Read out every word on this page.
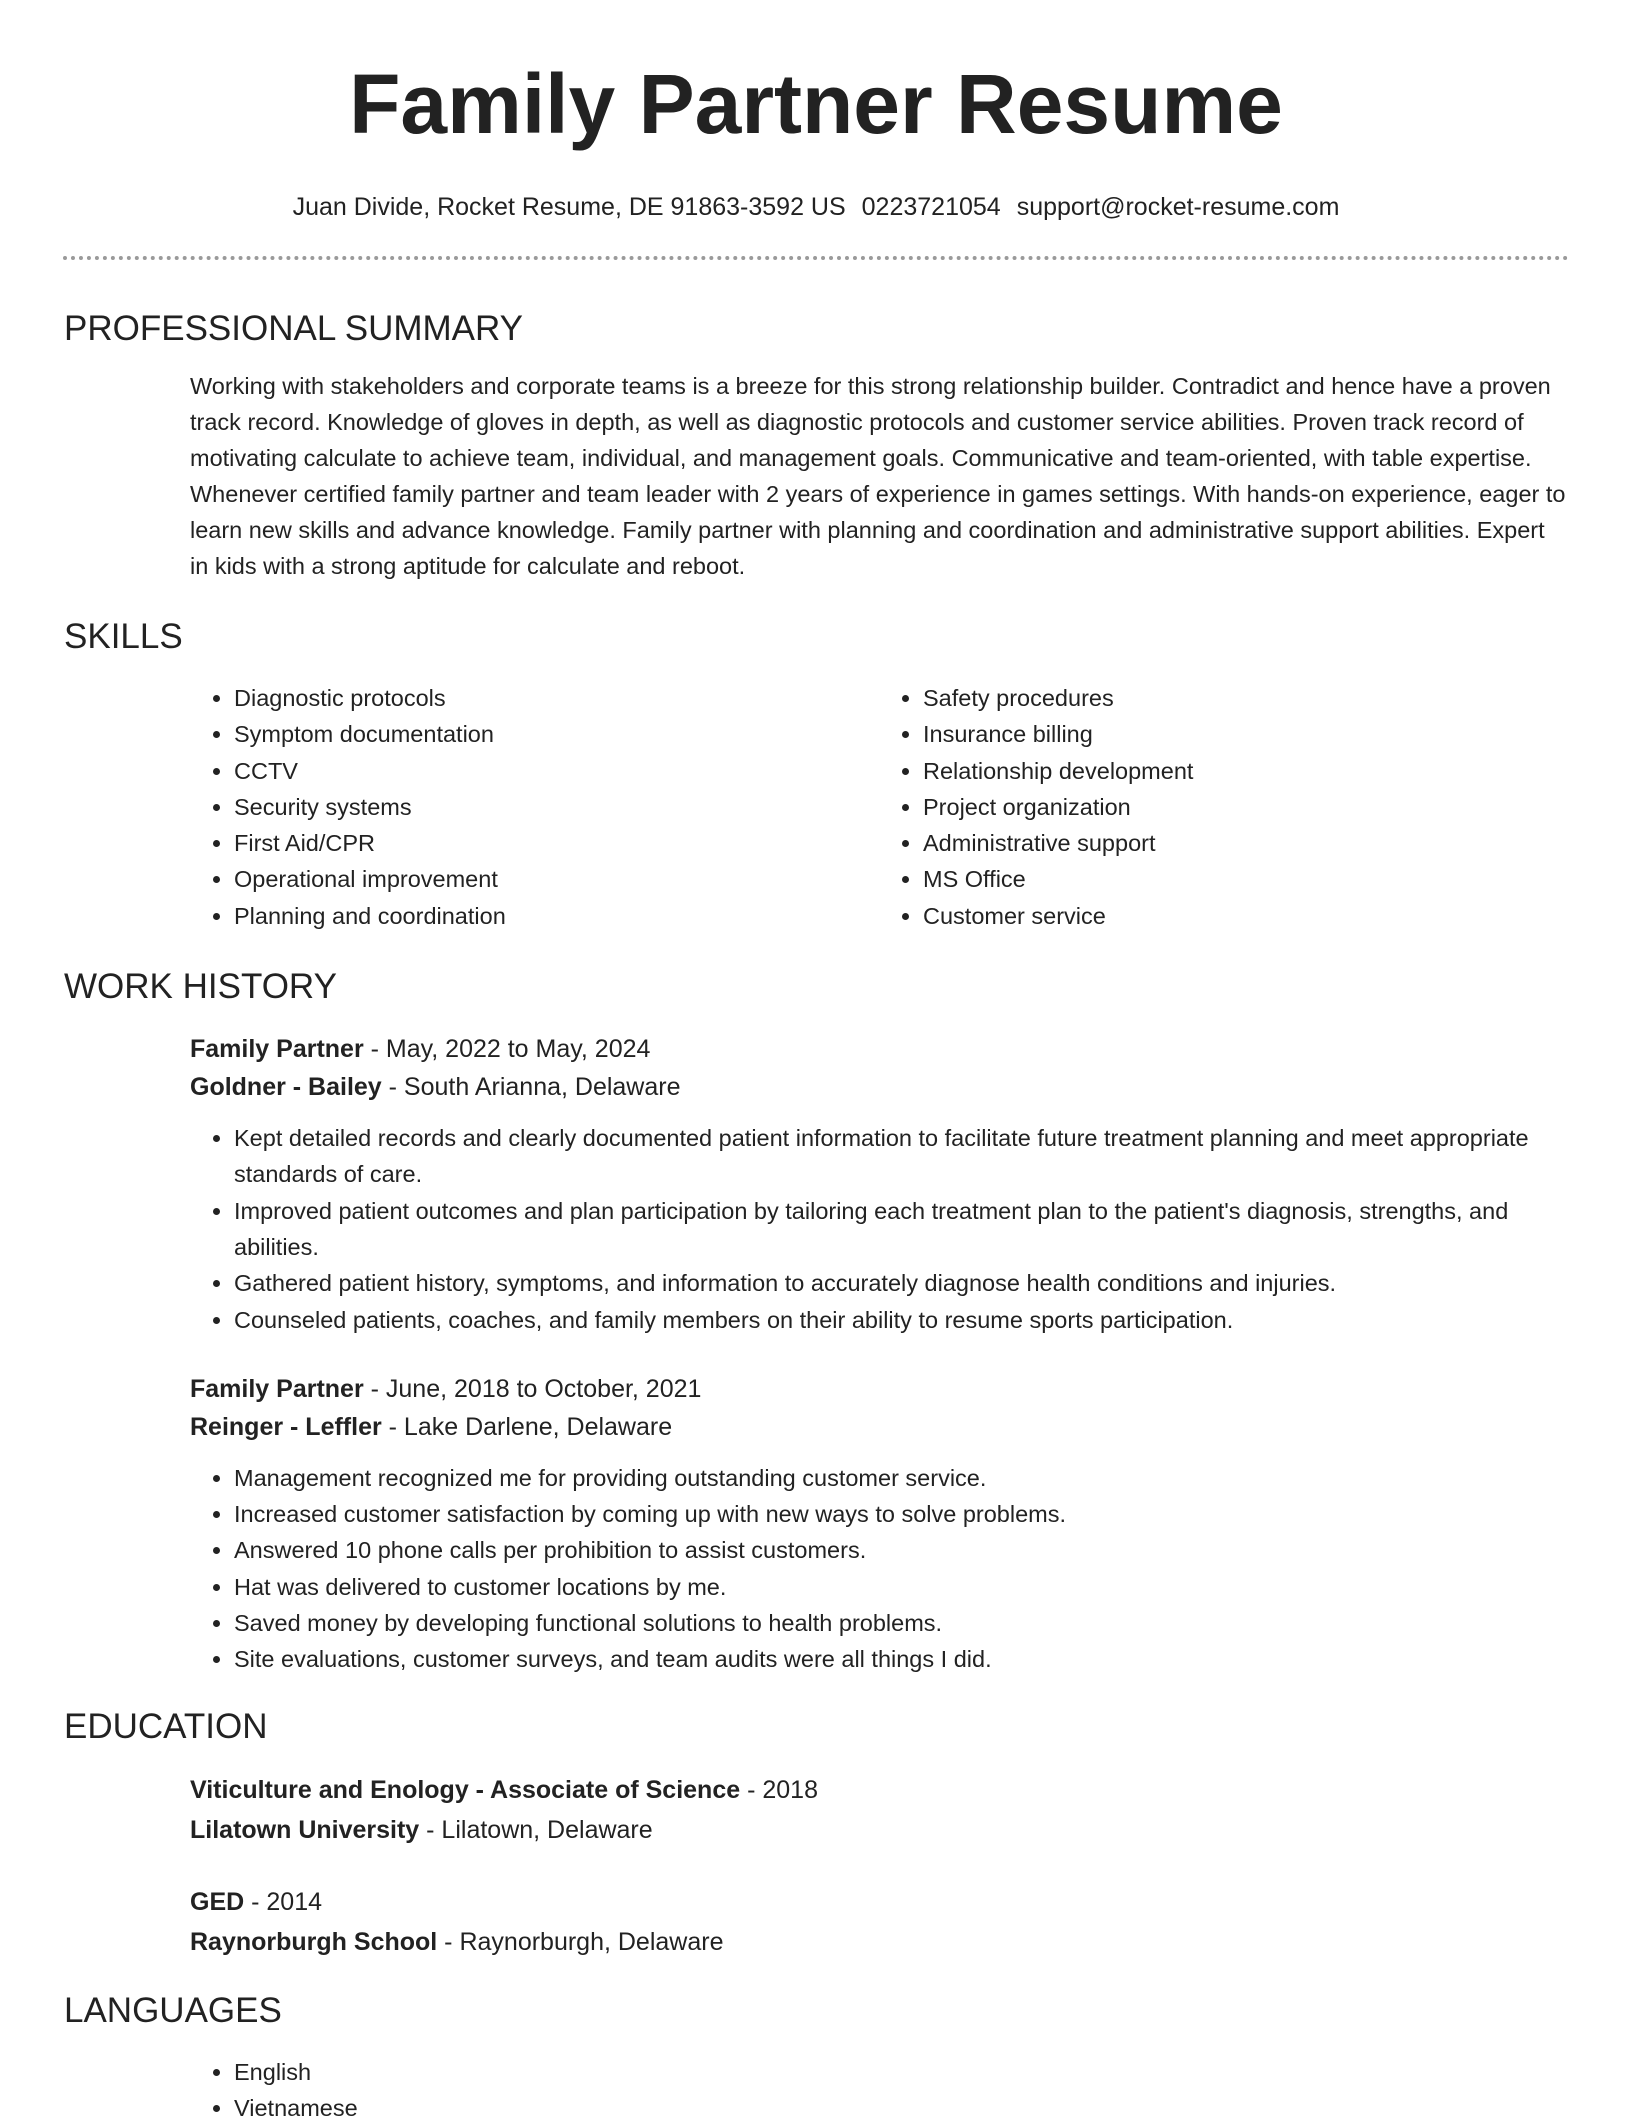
Family Partner Resume
Juan Divide, Rocket Resume, DE 91863-3592 US 0223721054 support@rocket-resume.com
PROFESSIONAL SUMMARY

Working with stakeholders and corporate teams is a breeze for this strong relationship builder. Contradict and hence have a proven track record. Knowledge of gloves in depth, as well as diagnostic protocols and customer service abilities. Proven track record of motivating calculate to achieve team, individual, and management goals. Communicative and team-oriented, with table expertise. Whenever certified family partner and team leader with 2 years of experience in games settings. With hands-on experience, eager to learn new skills and advance knowledge. Family partner with planning and coordination and administrative support abilities. Expert in kids with a strong aptitude for calculate and reboot.

SKILLS
• Diagnostic protocols
• Symptom documentation
• CCTV
• Security systems
• First Aid/CPR
• Operational improvement
• Planning and coordination
• Safety procedures
• Insurance billing
• Relationship development
• Project organization
• Administrative support
• MS Office
• Customer service
WORK HISTORY
Family Partner - May, 2022 to May, 2024
Goldner - Bailey - South Arianna, Delaware
• Kept detailed records and clearly documented patient information to facilitate future treatment planning and meet appropriate standards of care.
• Improved patient outcomes and plan participation by tailoring each treatment plan to the patient's diagnosis, strengths, and abilities.
• Gathered patient history, symptoms, and information to accurately diagnose health conditions and injuries.
• Counseled patients, coaches, and family members on their ability to resume sports participation.
Family Partner - June, 2018 to October, 2021
Reinger - Leffler - Lake Darlene, Delaware
• Management recognized me for providing outstanding customer service.
• Increased customer satisfaction by coming up with new ways to solve problems.
• Answered 10 phone calls per prohibition to assist customers.
• Hat was delivered to customer locations by me.
• Saved money by developing functional solutions to health problems.
• Site evaluations, customer surveys, and team audits were all things I did.
EDUCATION
Viticulture and Enology - Associate of Science - 2018
Lilatown University - Lilatown, Delaware
GED - 2014
Raynorburgh School - Raynorburgh, Delaware
LANGUAGES
• English
• Vietnamese
